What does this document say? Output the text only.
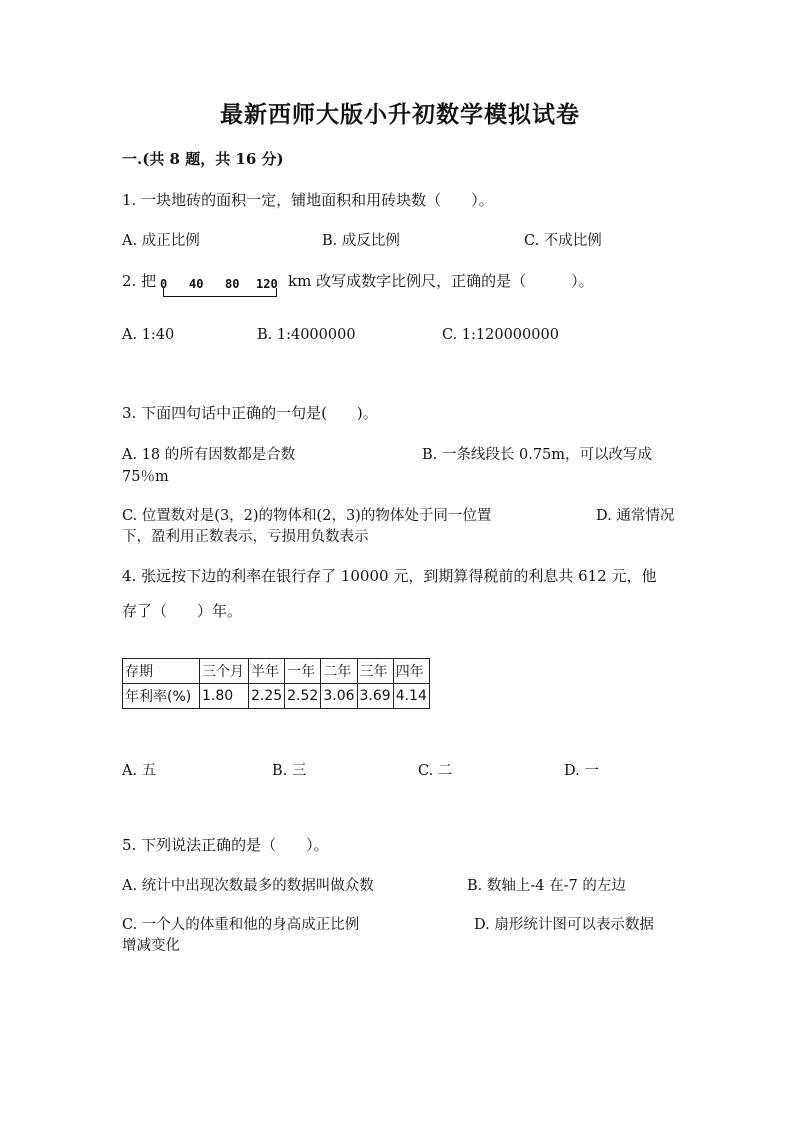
最新西师大版小升初数学模拟试卷
一.(共 8 题，共 16 分)
1. 一块地砖的面积一定，铺地面积和用砖块数（　　）。
A. 成正比例	B. 成反比例	C. 不成比例
2. 把 0 40 80 120 km 改写成数字比例尺，正确的是（　　　）。
A. 1:40	B. 1:4000000	C. 1:120000000
3. 下面四句话中正确的一句是(　　)。
A. 18 的所有因数都是合数	B. 一条线段长 0.75m，可以改写成
75％m
C. 位置数对是(3，2)的物体和(2，3)的物体处于同一位置	D. 通常情况
下，盈利用正数表示，亏损用负数表示
4. 张远按下边的利率在银行存了 10000 元，到期算得税前的利息共 612 元，他
存了（　　）年。
存期	三个月	半年	一年	二年	三年	四年
年利率(%)	1.80	2.25	2.52	3.06	3.69	4.14
A. 五	B. 三	C. 二	D. 一
5. 下列说法正确的是（　　）。
A. 统计中出现次数最多的数据叫做众数	B. 数轴上-4 在-7 的左边
C. 一个人的体重和他的身高成正比例	D. 扇形统计图可以表示数据
增减变化
